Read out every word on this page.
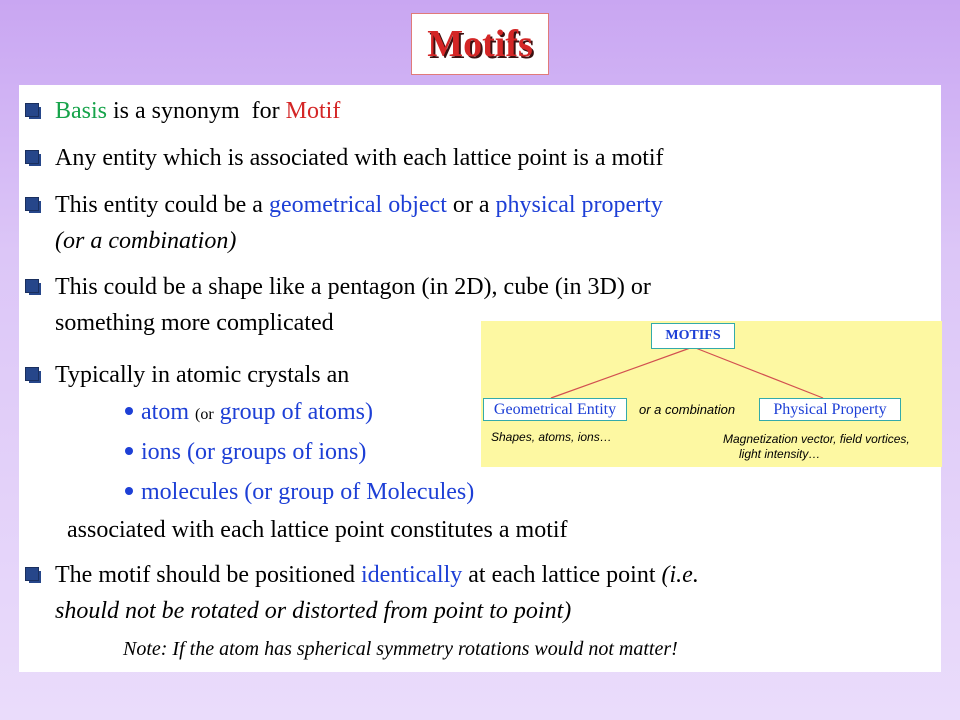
Motifs
Basis is a synonym  for Motif
Any entity which is associated with each lattice point is a motif
This entity could be a geometrical object or a physical property
(or a combination)
This could be a shape like a pentagon (in 2D), cube (in 3D) or
something more complicated
Typically in atomic crystals an
atom (or group of atoms)
ions (or groups of ions)
molecules (or group of Molecules)
associated with each lattice point constitutes a motif
The motif should be positioned identically at each lattice point (i.e.
should not be rotated or distorted from point to point)
Note: If the atom has spherical symmetry rotations would not matter!
MOTIFS
Geometrical Entity	Physical Property
or a combination
Shapes, atoms, ions…	Magnetization vector, field vortices,
light intensity…
